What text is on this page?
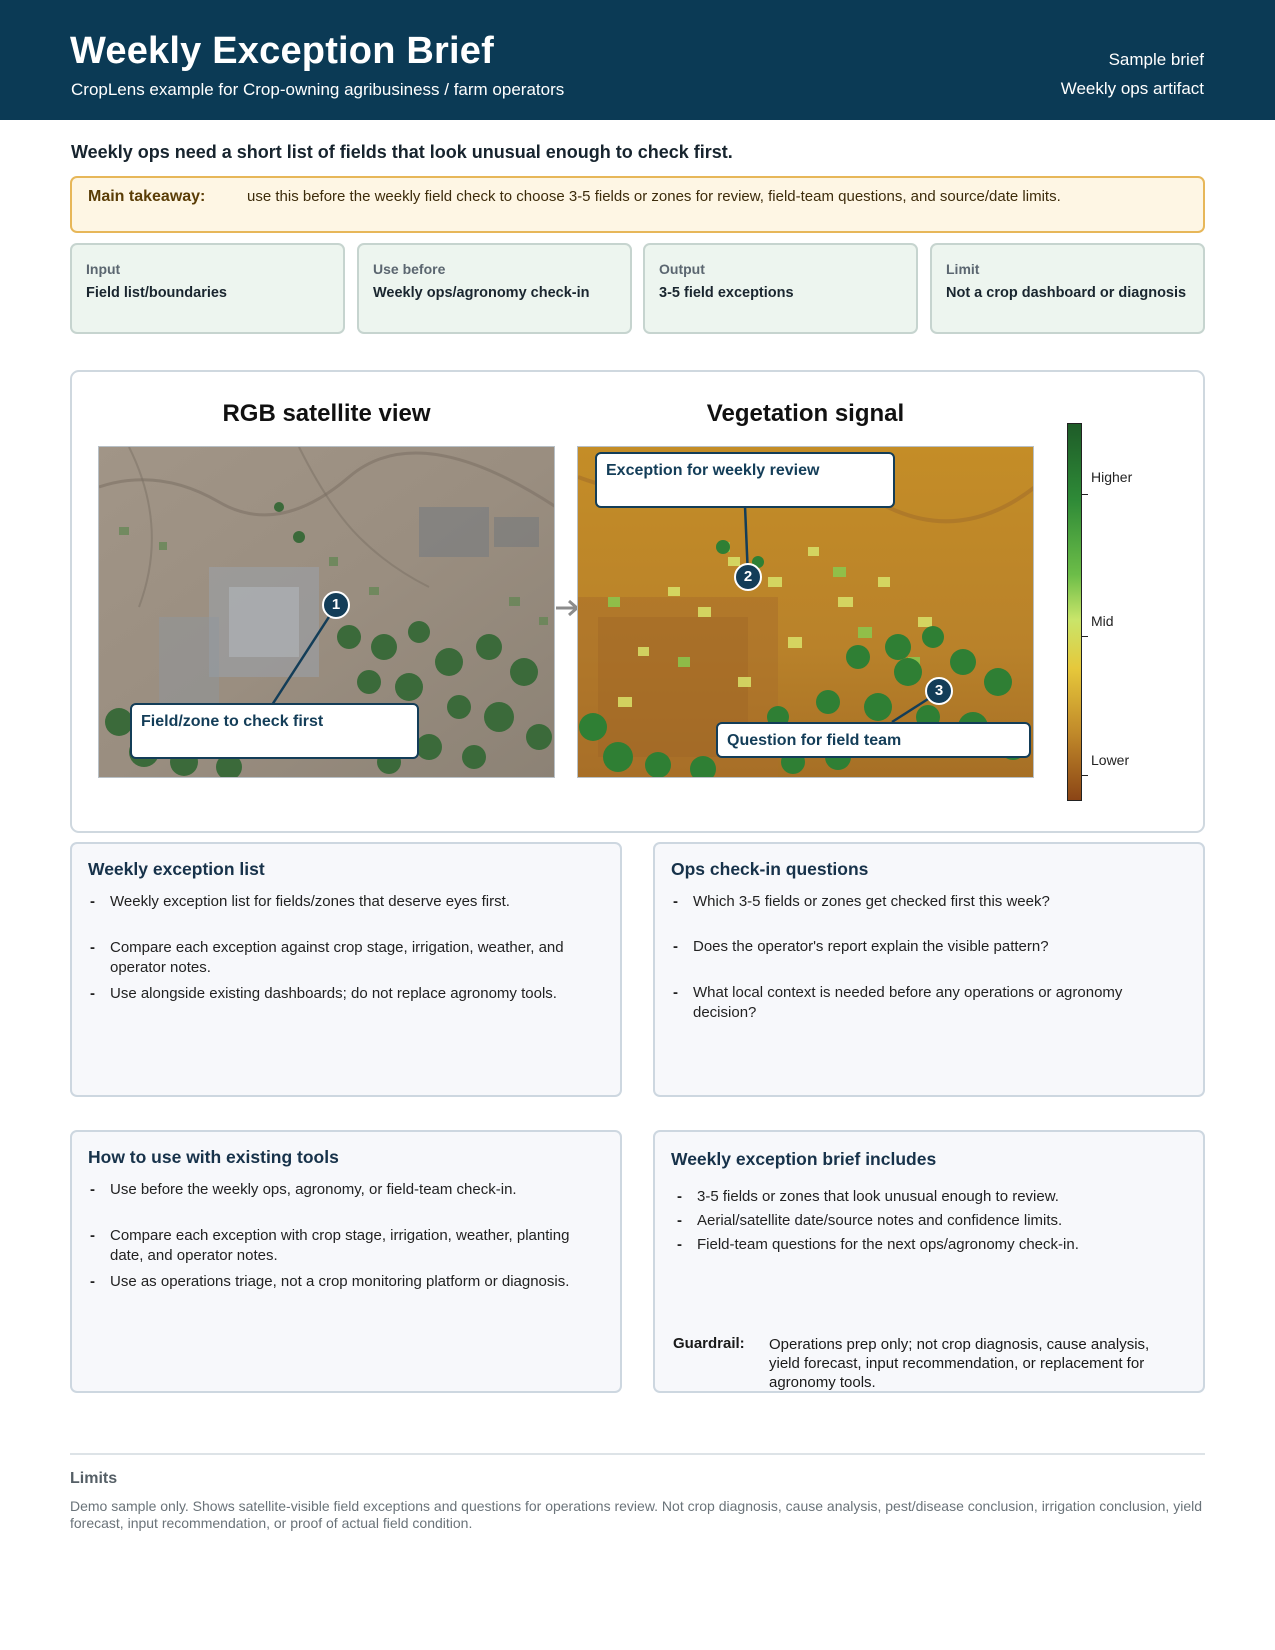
Weekly Exception Brief
CropLens example for Crop-owning agribusiness / farm operators
Sample brief
Weekly ops artifact
Weekly ops need a short list of fields that look unusual enough to check first.
Main takeaway:	use this before the weekly field check to choose 3-5 fields or zones for review, field-team questions, and source/date limits.
Input
Field list/boundaries
Use before
Weekly ops/agronomy check-in
Output
3-5 field exceptions
Limit
Not a crop dashboard or diagnosis
RGB satellite view	Vegetation signal
Field/zone to check first
Exception for weekly review
Question for field team
1
2
3
Higher
Mid
Lower
Weekly exception list
- Weekly exception list for fields/zones that deserve eyes first.
- Compare each exception against crop stage, irrigation, weather, and operator notes.
- Use alongside existing dashboards; do not replace agronomy tools.
Ops check-in questions
- Which 3-5 fields or zones get checked first this week?
- Does the operator's report explain the visible pattern?
- What local context is needed before any operations or agronomy decision?
How to use with existing tools
- Use before the weekly ops, agronomy, or field-team check-in.
- Compare each exception with crop stage, irrigation, weather, planting date, and operator notes.
- Use as operations triage, not a crop monitoring platform or diagnosis.
Weekly exception brief includes
- 3-5 fields or zones that look unusual enough to review.
- Aerial/satellite date/source notes and confidence limits.
- Field-team questions for the next ops/agronomy check-in.
Guardrail: Operations prep only; not crop diagnosis, cause analysis, yield forecast, input recommendation, or replacement for agronomy tools.
Limits
Demo sample only. Shows satellite-visible field exceptions and questions for operations review. Not crop diagnosis, cause analysis, pest/disease conclusion, irrigation conclusion, yield forecast, input recommendation, or proof of actual field condition.
